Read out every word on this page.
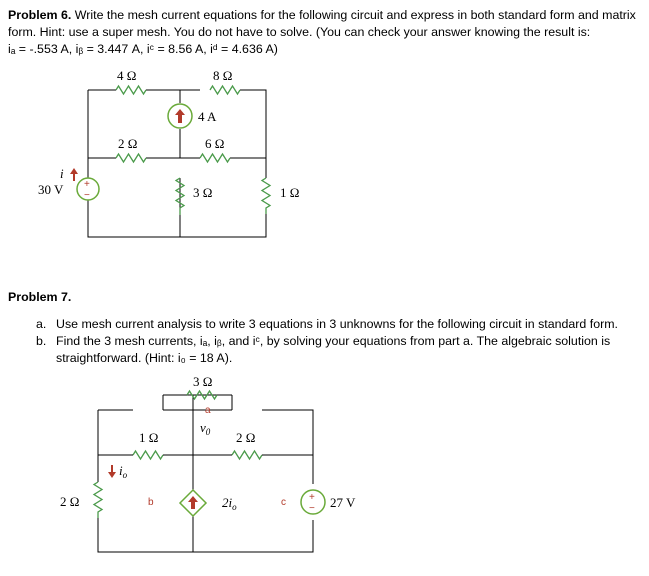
Problem 6. Write the mesh current equations for the following circuit and express in both standard form and matrix
form. Hint: use a super mesh. You do not have to solve. (You can check your answer knowing the result is:
iₐ = -.553 A, iᵦ = 3.447 A, iᶜ = 8.56 A, iᵈ = 4.636 A)
+
−
4 Ω	8 Ω
2 Ω	6 Ω
3 Ω	1 Ω
4 A
30 V
i
Problem 7.
a. Use mesh current analysis to write 3 equations in 3 unknowns for the following circuit in standard form.
b. Find the 3 mesh currents, iₐ, iᵦ, and iᶜ, by solving your equations from part a. The algebraic solution is
straightforward. (Hint: i₀ = 18 A).
+
−
3 Ω
a
$v_0$
1 Ω	2 Ω
2 Ω
$i_o$
b	$2i_o$	c	27 V
